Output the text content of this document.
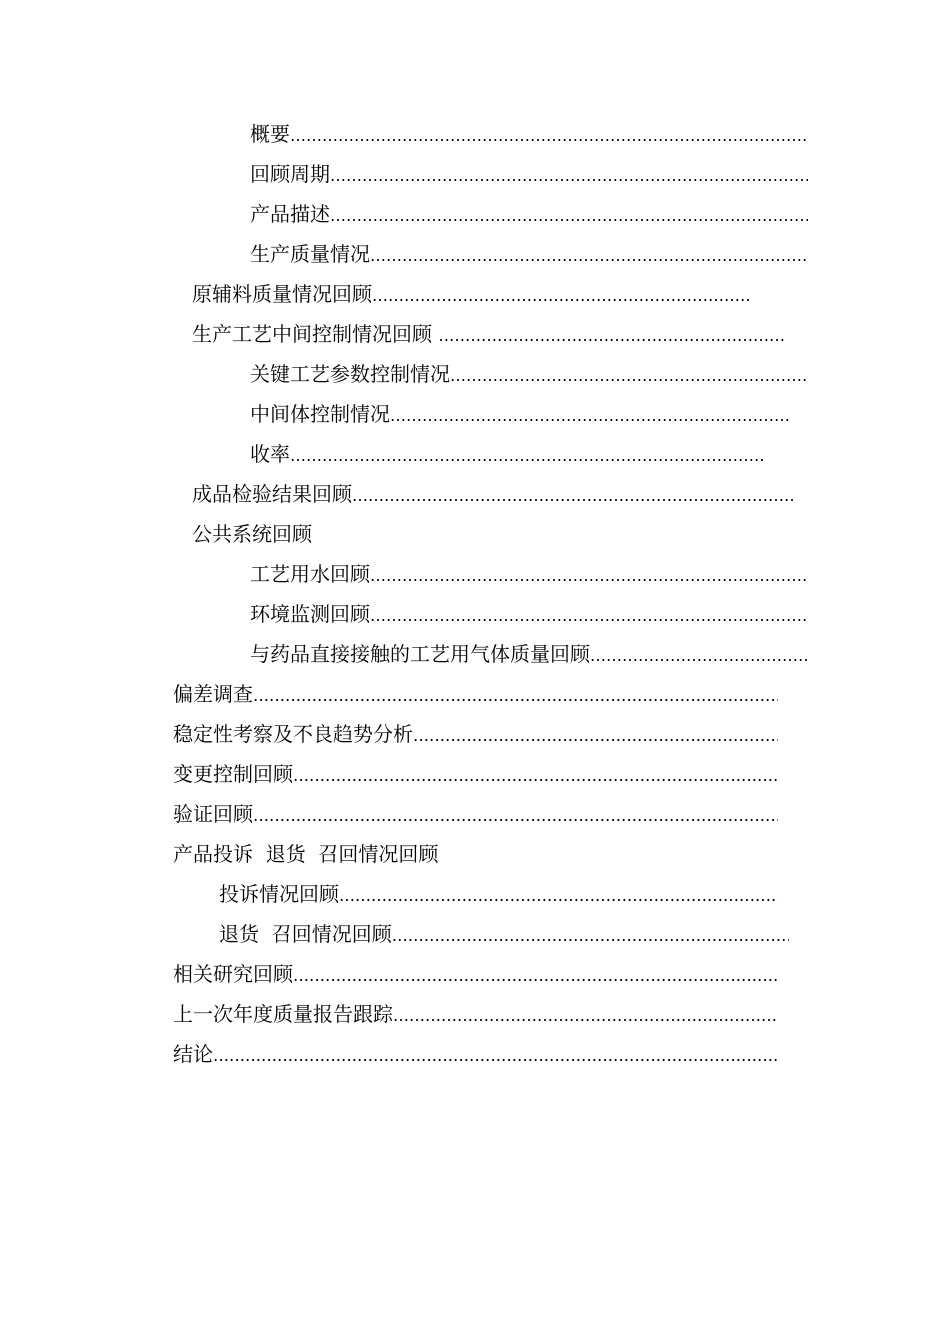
概要
……………………………………………………………………………………………………………………………………………………………………
回顾周期
……………………………………………………………………………………………………………………………………………………………………
产品描述
……………………………………………………………………………………………………………………………………………………………………
生产质量情况
……………………………………………………………………………………………………………………………………………………………………
原辅料质量情况回顾
……………………………………………………………………………………………………………………………………………………………………
生产工艺中间控制情况回顾
……………………………………………………………………………………………………………………………………………………………………
关键工艺参数控制情况
……………………………………………………………………………………………………………………………………………………………………
中间体控制情况
……………………………………………………………………………………………………………………………………………………………………
收率
……………………………………………………………………………………………………………………………………………………………………
成品检验结果回顾
……………………………………………………………………………………………………………………………………………………………………
公共系统回顾
工艺用水回顾
……………………………………………………………………………………………………………………………………………………………………
环境监测回顾
……………………………………………………………………………………………………………………………………………………………………
与药品直接接触的工艺用气体质量回顾
……………………………………………………………………………………………………………………………………………………………………
偏差调查
……………………………………………………………………………………………………………………………………………………………………
稳定性考察及不良趋势分析
……………………………………………………………………………………………………………………………………………………………………
变更控制回顾
……………………………………………………………………………………………………………………………………………………………………
验证回顾
……………………………………………………………………………………………………………………………………………………………………
产品投诉  退货  召回情况回顾
投诉情况回顾
……………………………………………………………………………………………………………………………………………………………………
退货  召回情况回顾
……………………………………………………………………………………………………………………………………………………………………
相关研究回顾
……………………………………………………………………………………………………………………………………………………………………
上一次年度质量报告跟踪
……………………………………………………………………………………………………………………………………………………………………
结论
……………………………………………………………………………………………………………………………………………………………………
